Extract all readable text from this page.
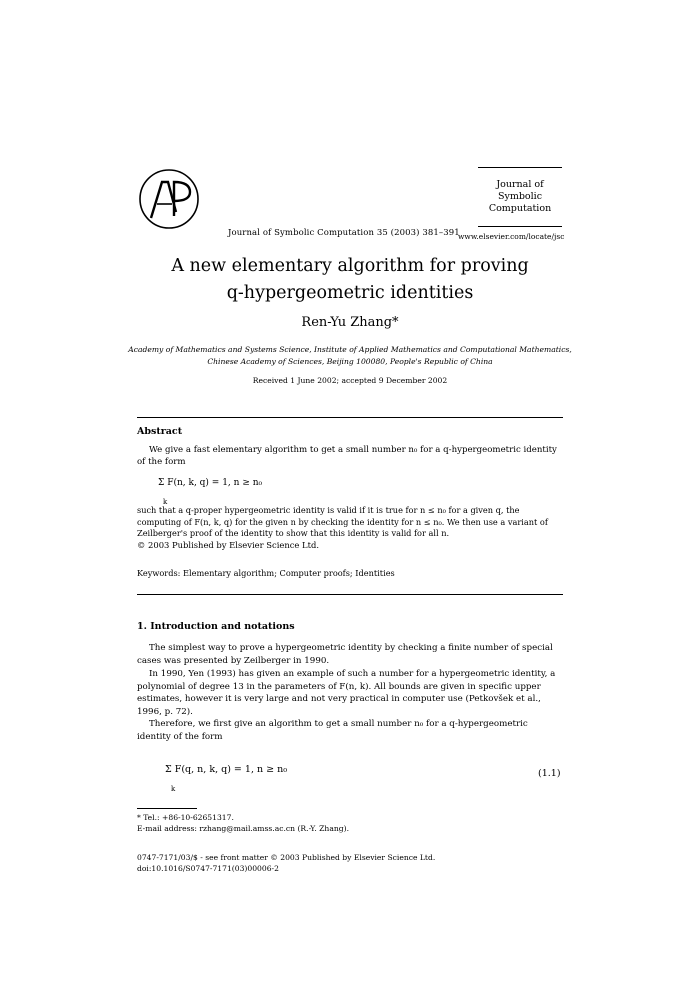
Journal of Symbolic Computation 35 (2003) 381–391
Journal of
Symbolic
Computation
www.elsevier.com/locate/jsc
A new elementary algorithm for proving
q-hypergeometric identities
Ren-Yu Zhang*
Academy of Mathematics and Systems Science, Institute of Applied Mathematics and Computational Mathematics,
Chinese Academy of Sciences, Beijing 100080, People's Republic of China
Received 1 June 2002; accepted 9 December 2002
Abstract
We give a fast elementary algorithm to get a small number n₀ for a q-hypergeometric identity of the form
Σ F(n, k, q) = 1, n ≥ n₀
k
such that a q-proper hypergeometric identity is valid if it is true for n ≤ n₀ for a given q, the computing of F(n, k, q) for the given n by checking the identity for n ≤ n₀. We then use a variant of Zeilberger's proof of the identity to show that this identity is valid for all n.
© 2003 Published by Elsevier Science Ltd.
Keywords: Elementary algorithm; Computer proofs; Identities
1. Introduction and notations
The simplest way to prove a hypergeometric identity by checking a finite number of special cases was presented by Zeilberger in 1990.
In 1990, Yen (1993) has given an example of such a number for a hypergeometric identity, a polynomial of degree 13 in the parameters of F(n, k). All bounds are given in specific upper estimates, however it is very large and not very practical in computer use (Petkovšek et al., 1996, p. 72).
Therefore, we first give an algorithm to get a small number n₀ for a q-hypergeometric identity of the form
Σ F(q, n, k, q) = 1, n ≥ n₀
k
(1.1)
* Tel.: +86-10-62651317.
E-mail address: rzhang@mail.amss.ac.cn (R.-Y. Zhang).
0747-7171/03/$ - see front matter © 2003 Published by Elsevier Science Ltd.
doi:10.1016/S0747-7171(03)00006-2
